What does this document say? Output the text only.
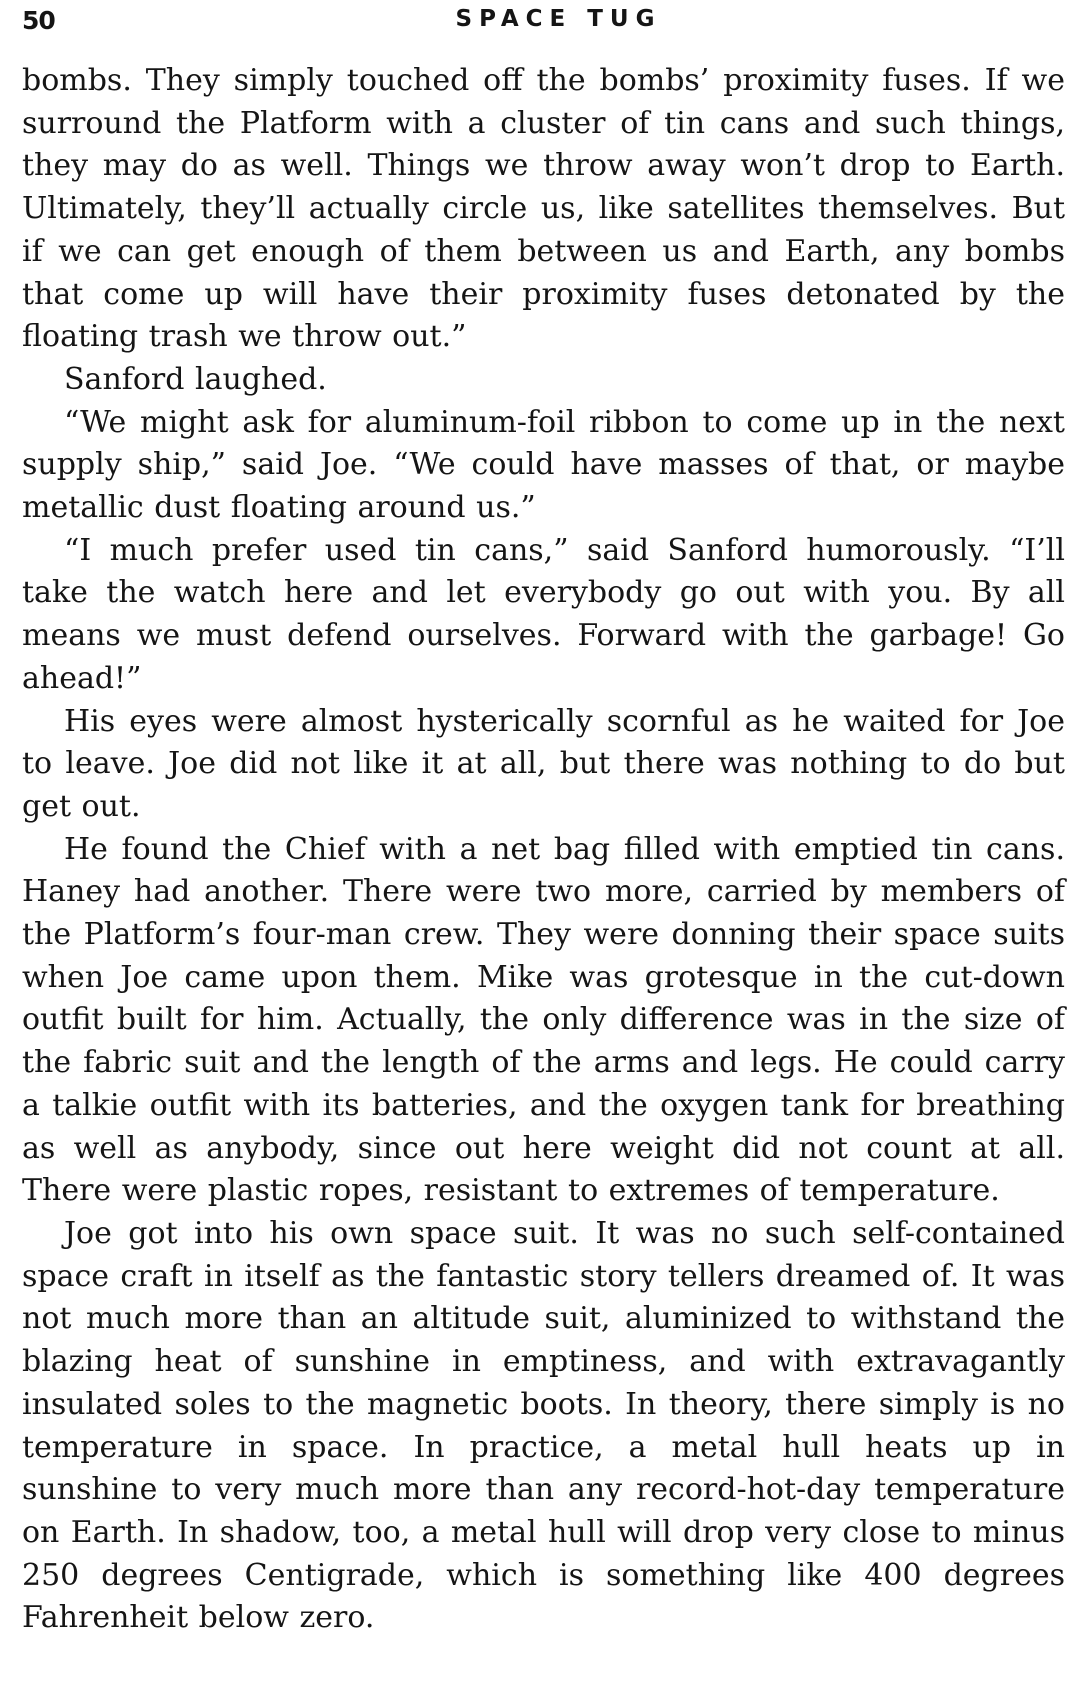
50	SPACE TUG

bombs. They simply touched off the bombs’ proximity fuses. If we surround the Platform with a cluster of tin cans and such things, they may do as well. Things we throw away won’t drop to Earth. Ultimately, they’ll actually circle us, like satellites themselves. But if we can get enough of them between us and Earth, any bombs that come up will have their proximity fuses detonated by the floating trash we throw out.”

Sanford laughed.

“We might ask for aluminum-foil ribbon to come up in the next supply ship,” said Joe. “We could have masses of that, or maybe metallic dust floating around us.”

“I much prefer used tin cans,” said Sanford humorously. “I’ll take the watch here and let everybody go out with you. By all means we must defend ourselves. Forward with the garbage! Go ahead!”

His eyes were almost hysterically scornful as he waited for Joe to leave. Joe did not like it at all, but there was nothing to do but get out.

He found the Chief with a net bag filled with emptied tin cans. Haney had another. There were two more, carried by members of the Platform’s four-man crew. They were donning their space suits when Joe came upon them. Mike was grotesque in the cut-down outfit built for him. Actually, the only difference was in the size of the fabric suit and the length of the arms and legs. He could carry a talkie outfit with its batteries, and the oxygen tank for breathing as well as anybody, since out here weight did not count at all. There were plastic ropes, resistant to extremes of temperature.

Joe got into his own space suit. It was no such self-contained space craft in itself as the fantastic story tellers dreamed of. It was not much more than an altitude suit, aluminized to withstand the blazing heat of sunshine in emptiness, and with extravagantly insulated soles to the magnetic boots. In theory, there simply is no temperature in space. In practice, a metal hull heats up in sunshine to very much more than any record-hot-day temperature on Earth. In shadow, too, a metal hull will drop very close to minus 250 degrees Centigrade, which is something like 400 degrees Fahrenheit below zero.
